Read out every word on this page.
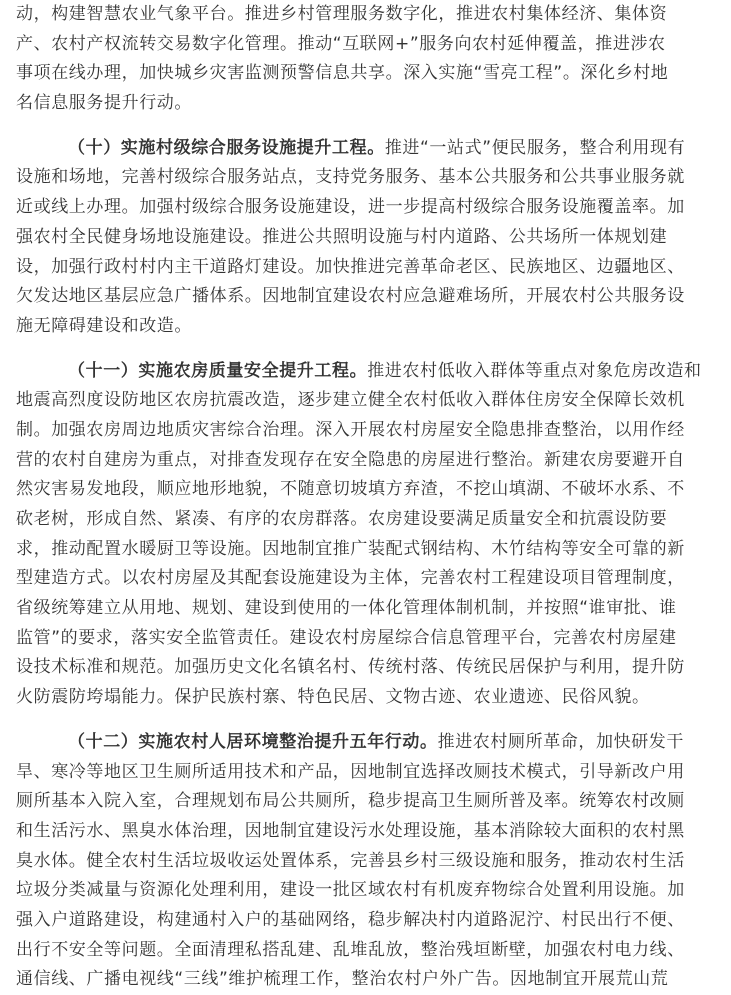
动，构建智慧农业气象平台。推进乡村管理服务数字化，推进农村集体经济、集体资
产、农村产权流转交易数字化管理。推动“互联网+”服务向农村延伸覆盖，推进涉农
事项在线办理，加快城乡灾害监测预警信息共享。深入实施“雪亮工程”。深化乡村地
名信息服务提升行动。
（十）实施村级综合服务设施提升工程。推进“一站式”便民服务，整合利用现有
设施和场地，完善村级综合服务站点，支持党务服务、基本公共服务和公共事业服务就
近或线上办理。加强村级综合服务设施建设，进一步提高村级综合服务设施覆盖率。加
强农村全民健身场地设施建设。推进公共照明设施与村内道路、公共场所一体规划建
设，加强行政村村内主干道路灯建设。加快推进完善革命老区、民族地区、边疆地区、
欠发达地区基层应急广播体系。因地制宜建设农村应急避难场所，开展农村公共服务设
施无障碍建设和改造。
（十一）实施农房质量安全提升工程。推进农村低收入群体等重点对象危房改造和
地震高烈度设防地区农房抗震改造，逐步建立健全农村低收入群体住房安全保障长效机
制。加强农房周边地质灾害综合治理。深入开展农村房屋安全隐患排查整治，以用作经
营的农村自建房为重点，对排查发现存在安全隐患的房屋进行整治。新建农房要避开自
然灾害易发地段，顺应地形地貌，不随意切坡填方弃渣，不挖山填湖、不破坏水系、不
砍老树，形成自然、紧凑、有序的农房群落。农房建设要满足质量安全和抗震设防要
求，推动配置水暖厨卫等设施。因地制宜推广装配式钢结构、木竹结构等安全可靠的新
型建造方式。以农村房屋及其配套设施建设为主体，完善农村工程建设项目管理制度，
省级统筹建立从用地、规划、建设到使用的一体化管理体制机制，并按照“谁审批、谁
监管”的要求，落实安全监管责任。建设农村房屋综合信息管理平台，完善农村房屋建
设技术标准和规范。加强历史文化名镇名村、传统村落、传统民居保护与利用，提升防
火防震防垮塌能力。保护民族村寨、特色民居、文物古迹、农业遗迹、民俗风貌。
（十二）实施农村人居环境整治提升五年行动。推进农村厕所革命，加快研发干
旱、寒冷等地区卫生厕所适用技术和产品，因地制宜选择改厕技术模式，引导新改户用
厕所基本入院入室，合理规划布局公共厕所，稳步提高卫生厕所普及率。统筹农村改厕
和生活污水、黑臭水体治理，因地制宜建设污水处理设施，基本消除较大面积的农村黑
臭水体。健全农村生活垃圾收运处置体系，完善县乡村三级设施和服务，推动农村生活
垃圾分类减量与资源化处理利用，建设一批区域农村有机废弃物综合处置利用设施。加
强入户道路建设，构建通村入户的基础网络，稳步解决村内道路泥泞、村民出行不便、
出行不安全等问题。全面清理私搭乱建、乱堆乱放，整治残垣断壁，加强农村电力线、
通信线、广播电视线“三线”维护梳理工作，整治农村户外广告。因地制宜开展荒山荒
